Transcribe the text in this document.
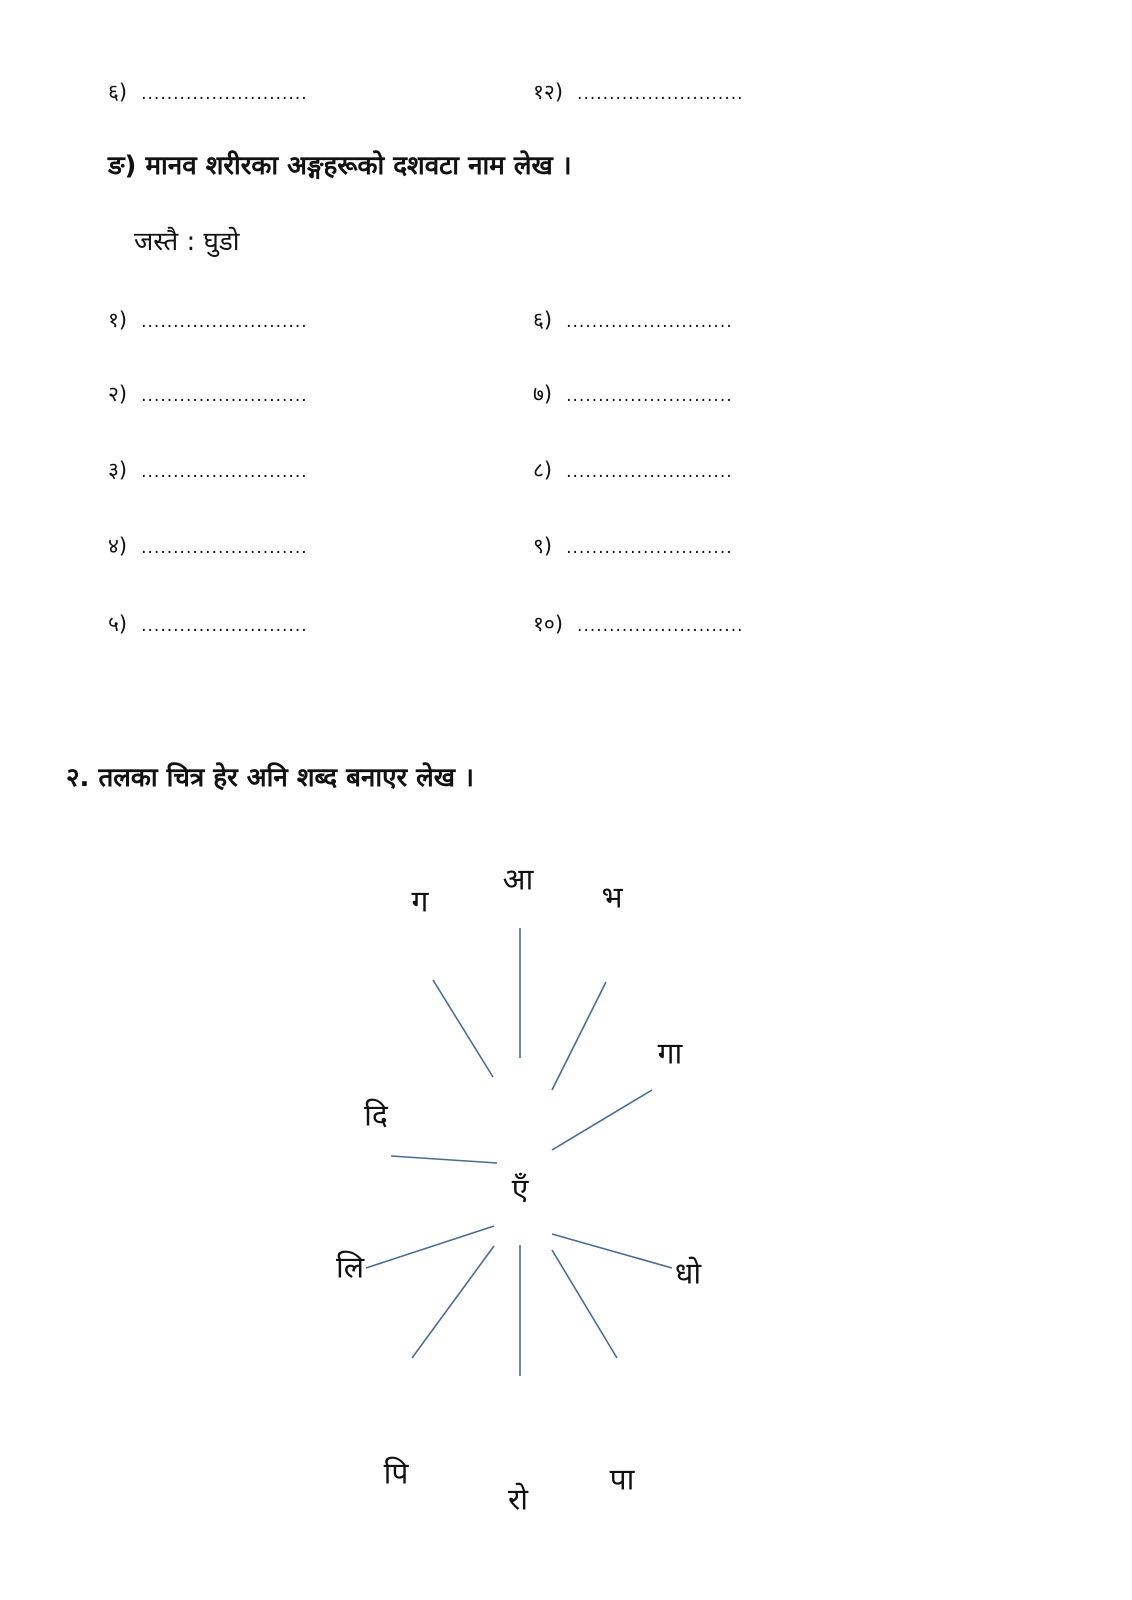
६) ..........................	१२) ..........................
ङ) मानव शरीरका अङ्गहरूको दशवटा नाम लेख ।
जस्तै : घुडो
१) ..........................
२) ..........................
३) ..........................
४) ..........................
५) ..........................
६) ..........................
७) ..........................
८) ..........................
९) ..........................
१०) ..........................
२. तलका चित्र हेर अनि शब्द बनाएर लेख ।
एँ
ग
आ
भ
गा
दि
लि	धो
पि
रो
पा
